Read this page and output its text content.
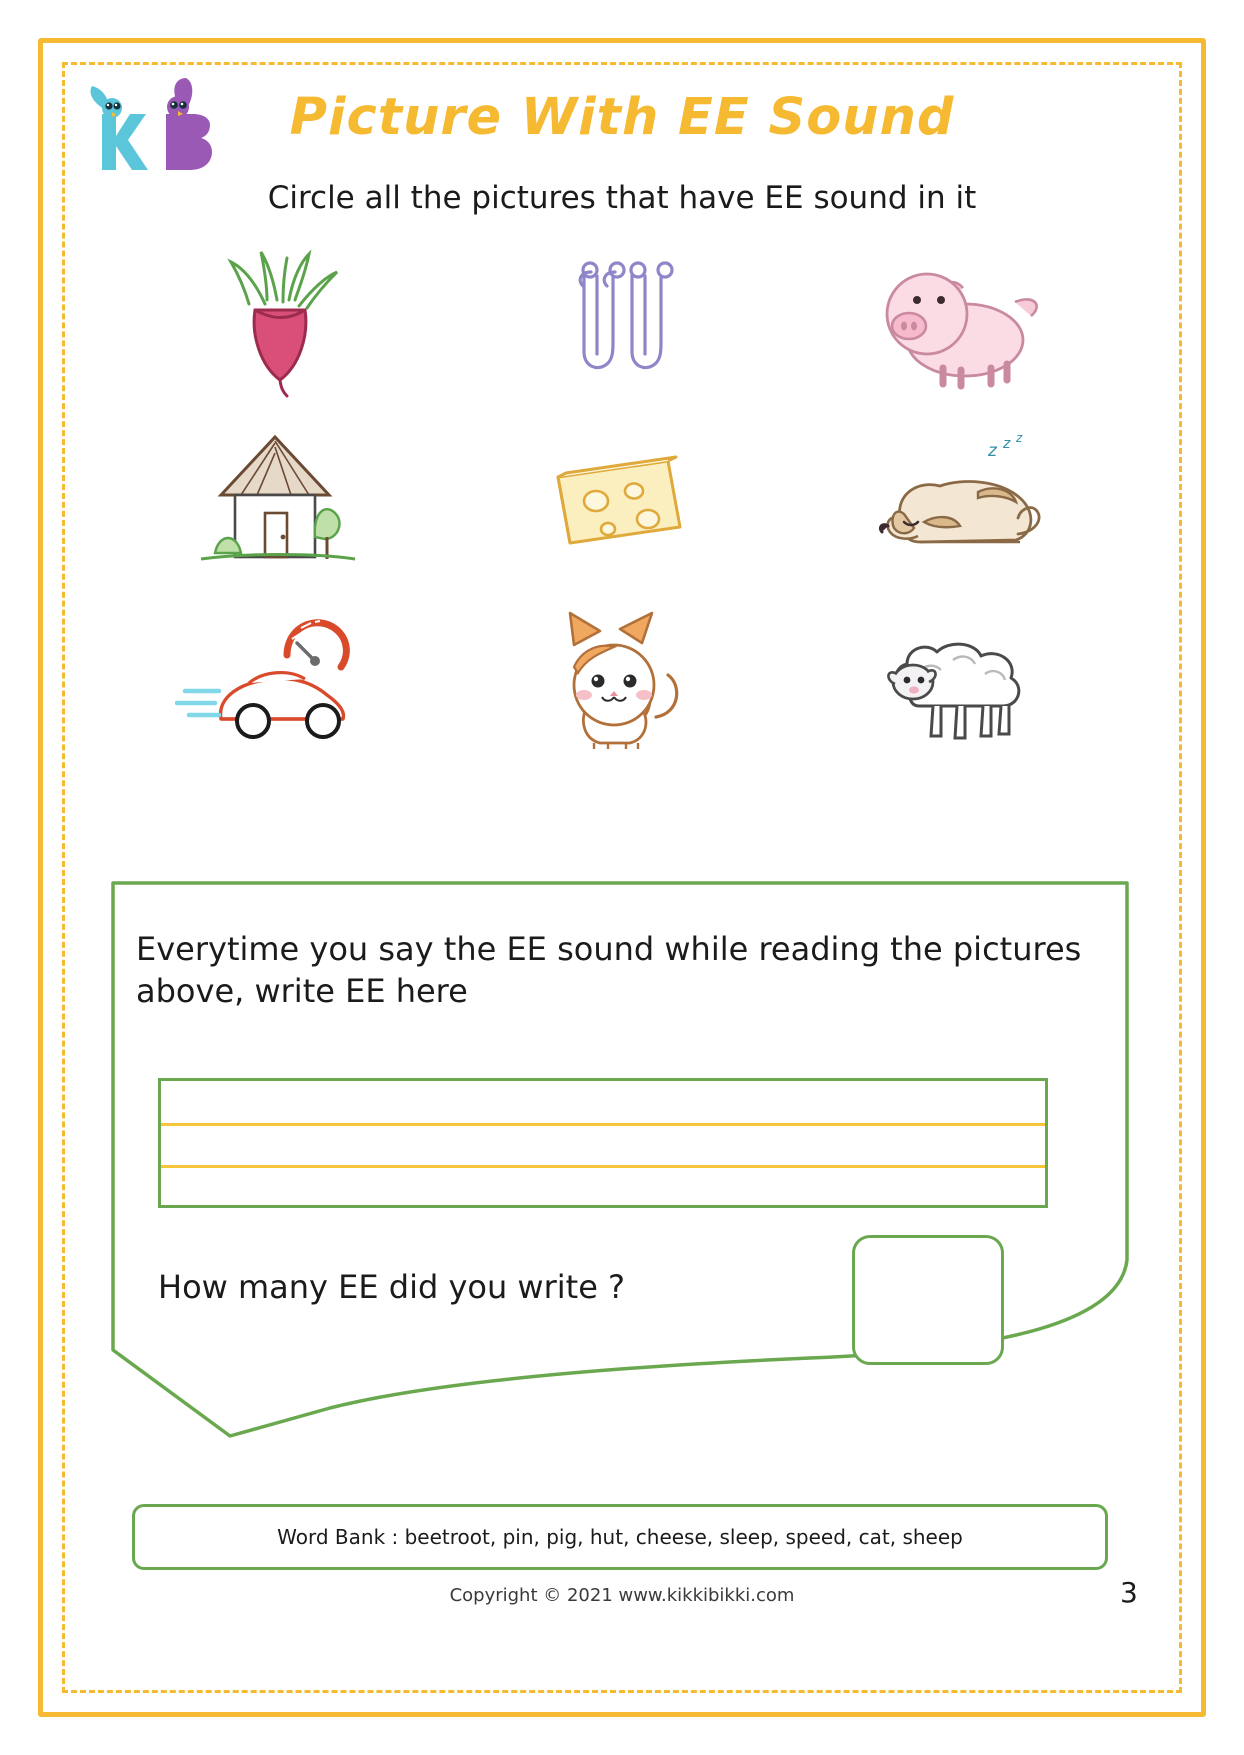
Picture With EE Sound
Circle all the pictures that have EE sound in it
z z z
Everytime you say the EE sound while reading the pictures above, write EE here
How many EE did you write ?
Word Bank : beetroot, pin, pig, hut, cheese, sleep, speed, cat, sheep
Copyright © 2021 www.kikkibikki.com	3
